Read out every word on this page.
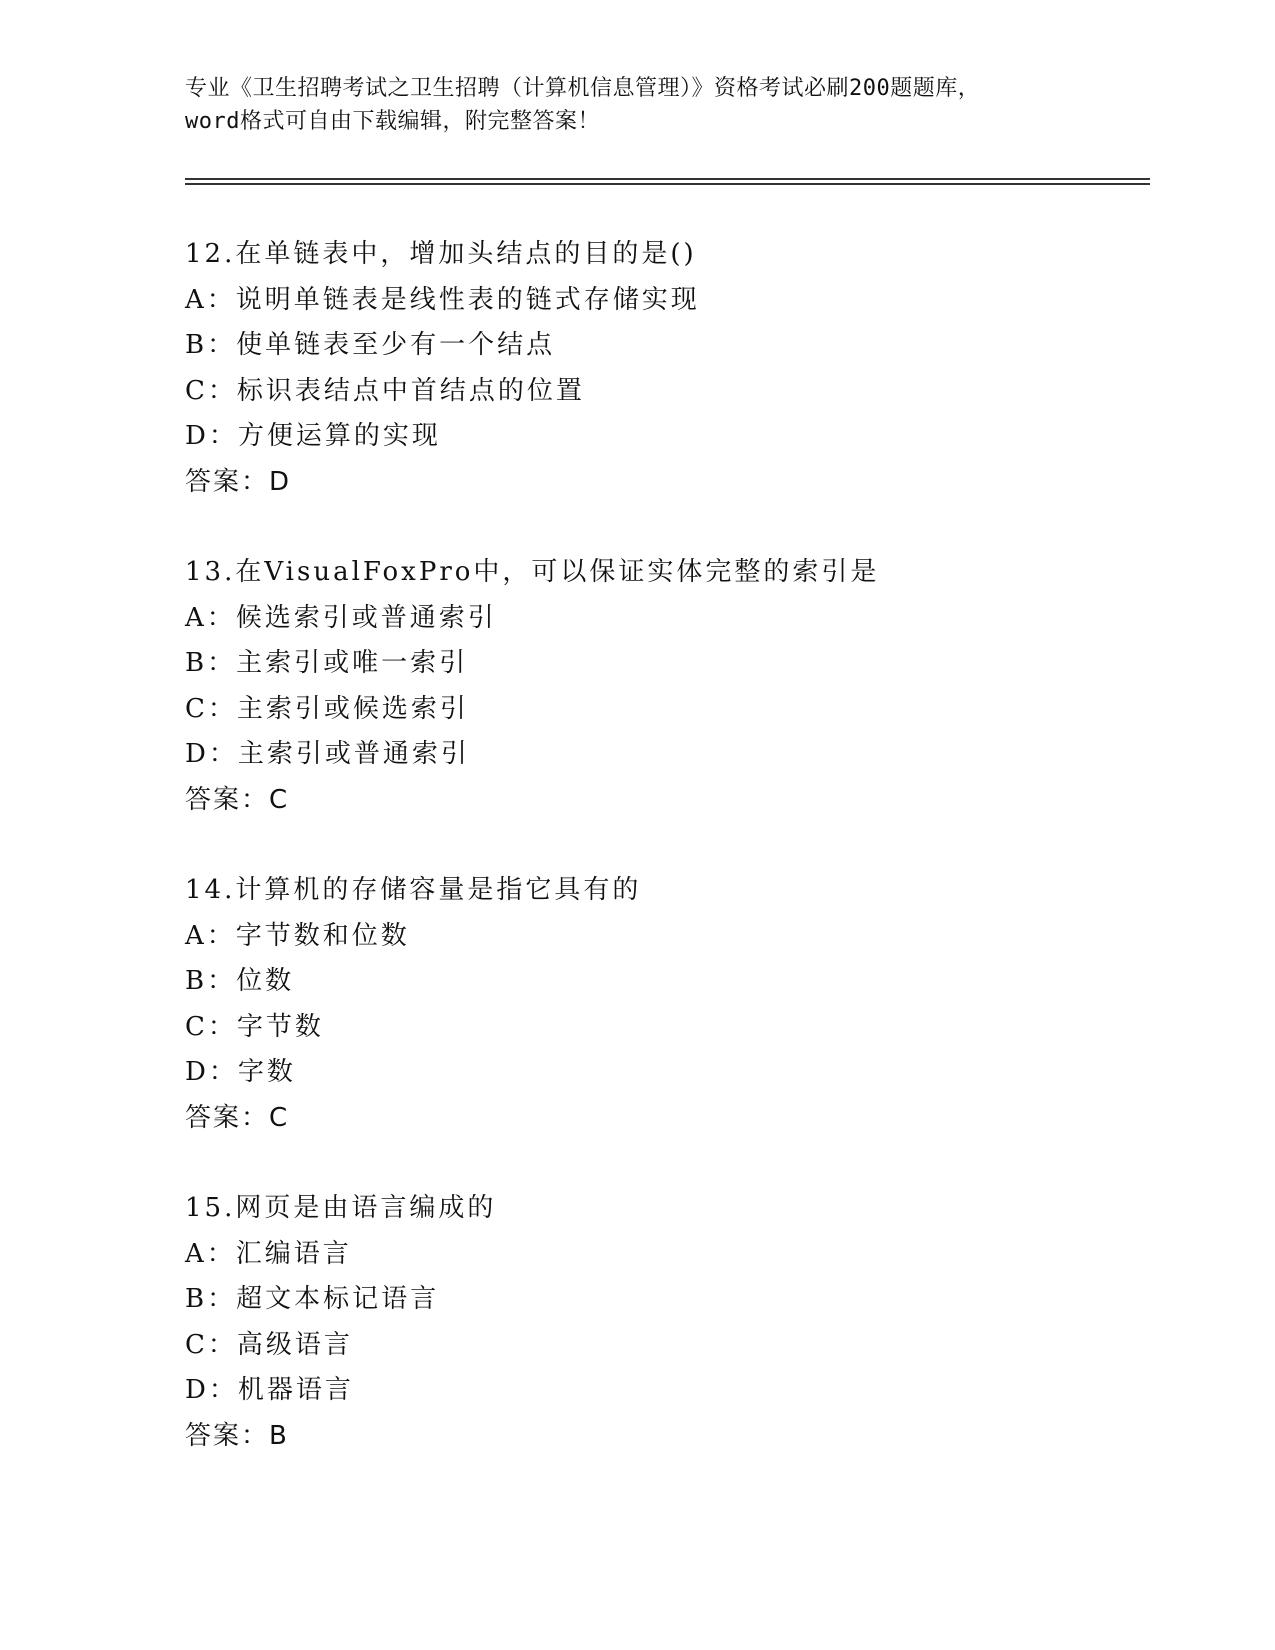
专业《卫生招聘考试之卫生招聘（计算机信息管理）》资格考试必刷200题题库，
word格式可自由下载编辑，附完整答案！
12.在单链表中，增加头结点的目的是()
A：说明单链表是线性表的链式存储实现
B：使单链表至少有一个结点
C：标识表结点中首结点的位置
D：方便运算的实现
答案：D
13.在VisualFoxPro中，可以保证实体完整的索引是
A：候选索引或普通索引
B：主索引或唯一索引
C：主索引或候选索引
D：主索引或普通索引
答案：C
14.计算机的存储容量是指它具有的
A：字节数和位数
B：位数
C：字节数
D：字数
答案：C
15.网页是由语言编成的
A：汇编语言
B：超文本标记语言
C：高级语言
D：机器语言
答案：B
